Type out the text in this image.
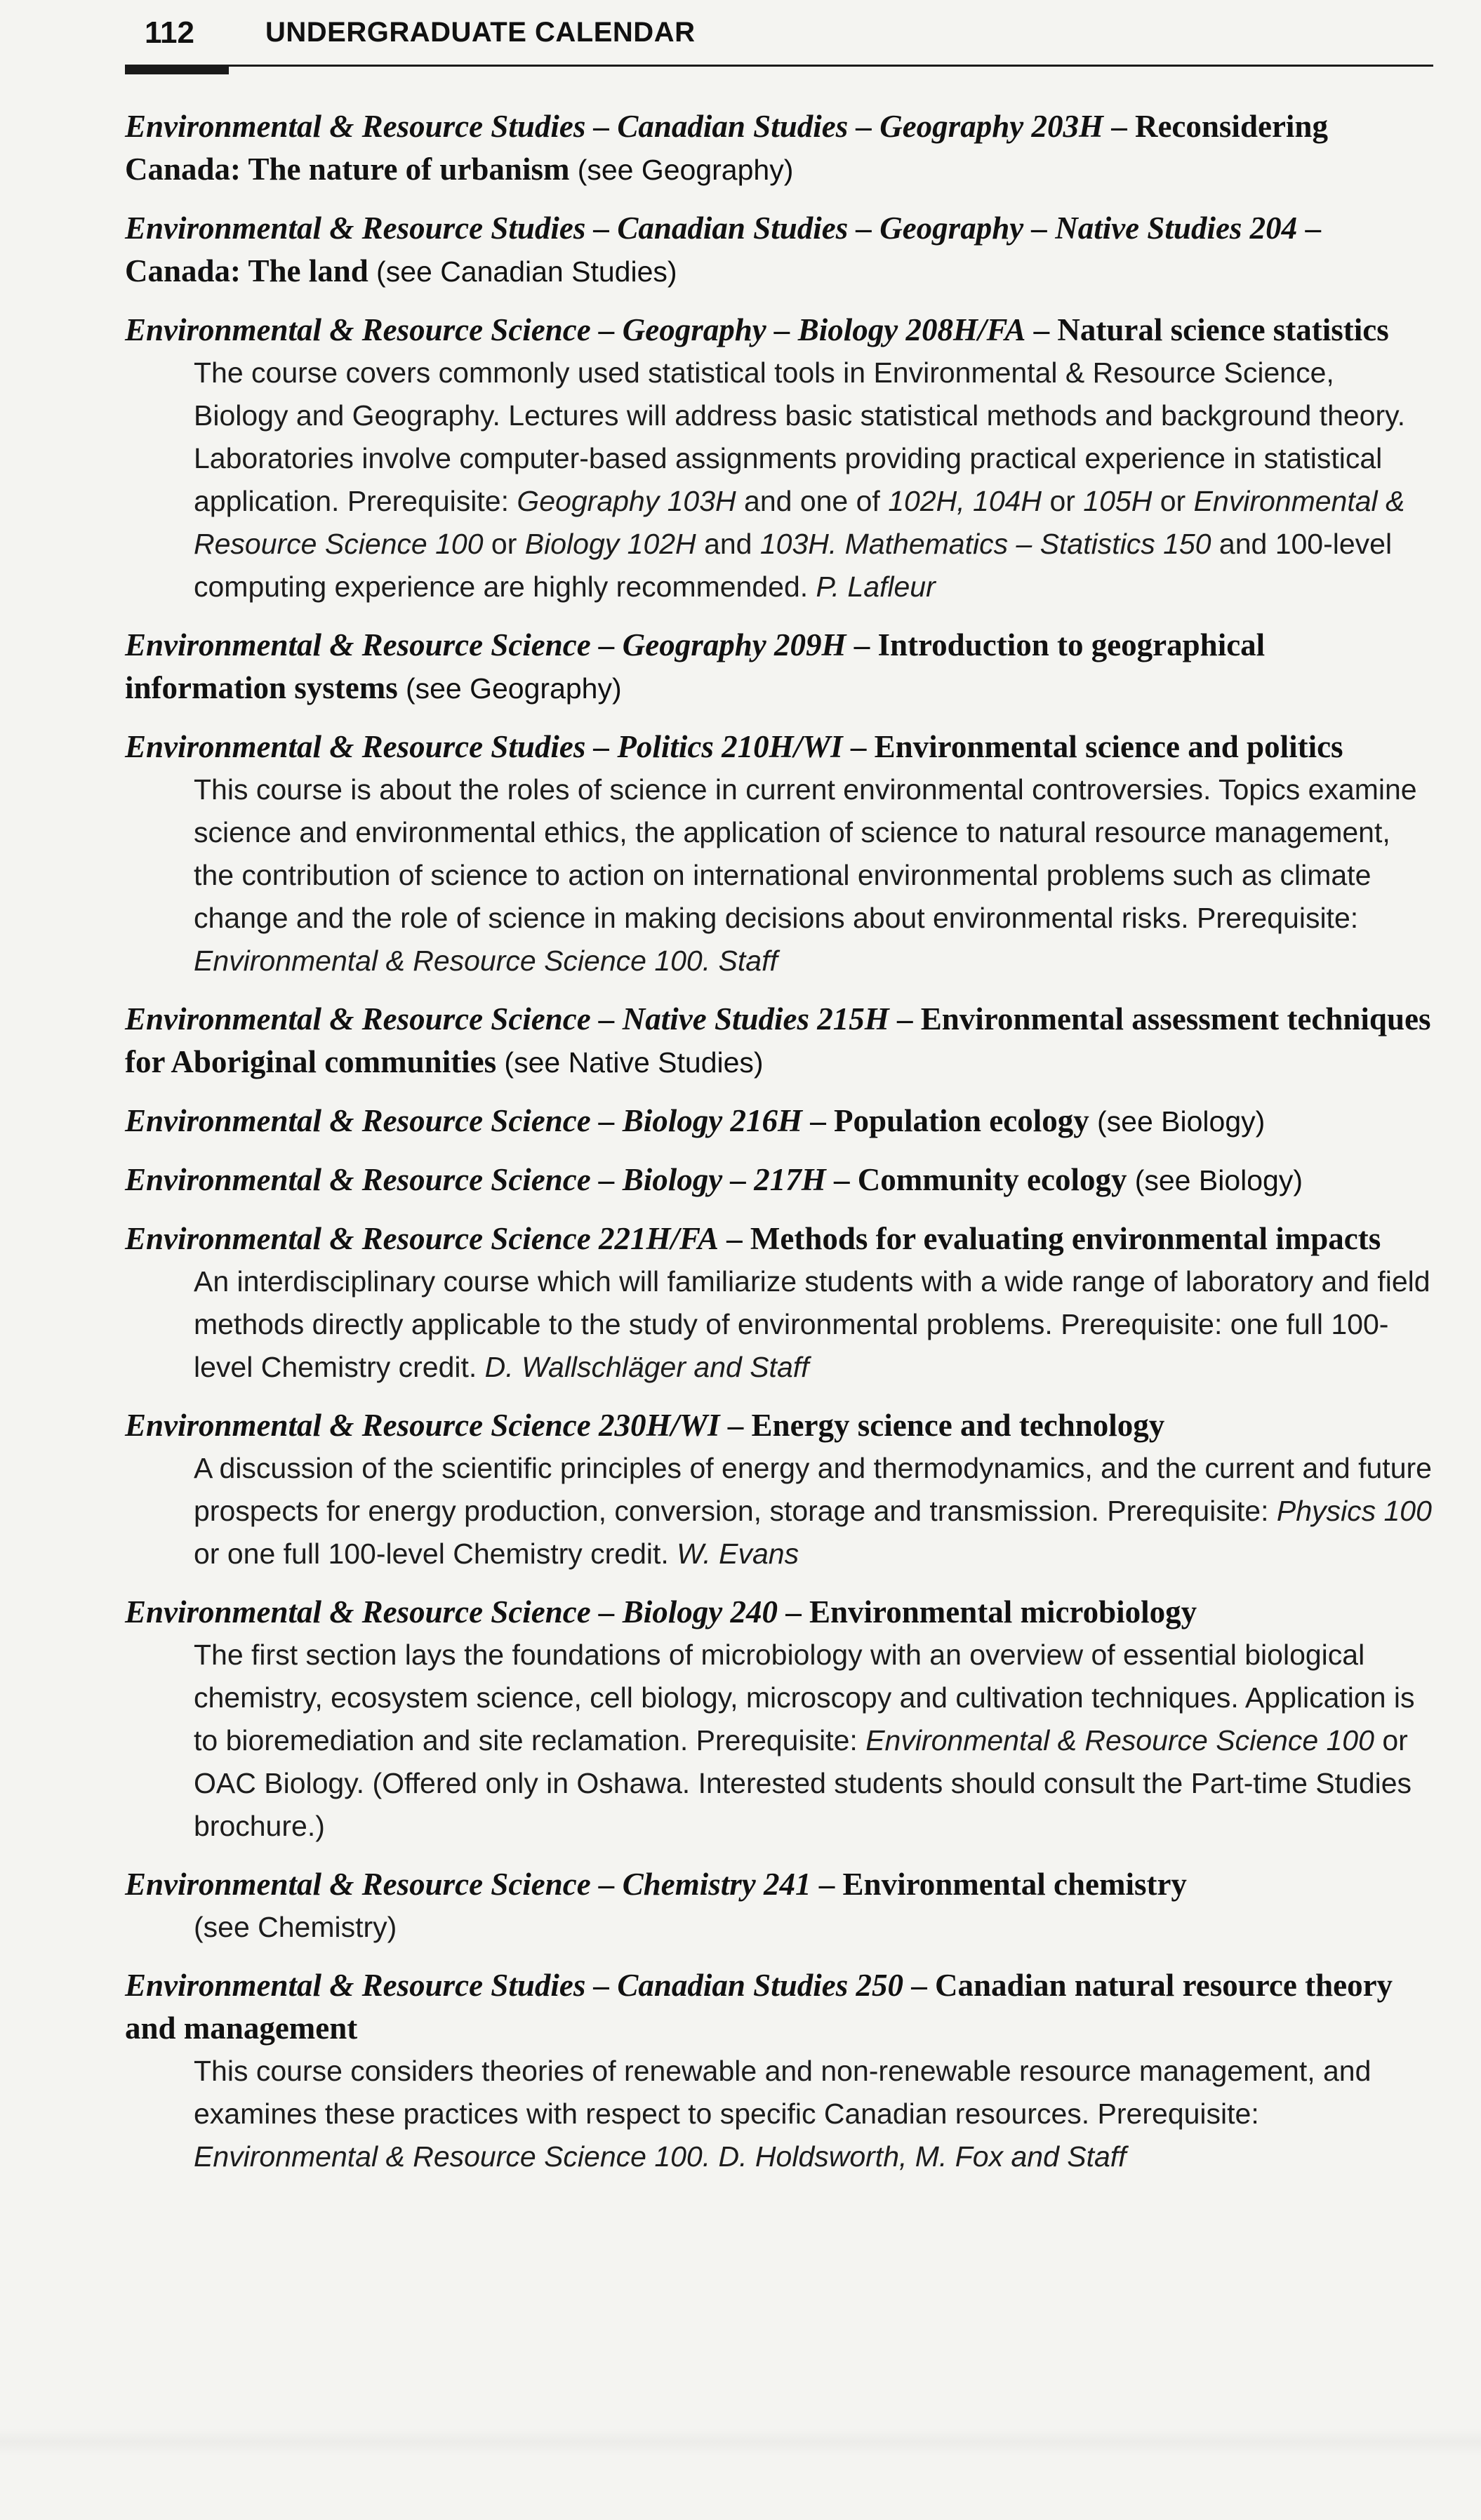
112	UNDERGRADUATE CALENDAR

Environmental & Resource Studies – Canadian Studies – Geography 203H – Reconsidering Canada: The nature of urbanism (see Geography)

Environmental & Resource Studies – Canadian Studies – Geography – Native Studies 204 – Canada: The land (see Canadian Studies)

Environmental & Resource Science – Geography – Biology 208H/FA – Natural science statistics

The course covers commonly used statistical tools in Environmental & Resource Science, Biology and Geography. Lectures will address basic statistical methods and background theory. Laboratories involve computer-based assignments providing practical experience in statistical application. Prerequisite: Geography 103H and one of 102H, 104H or 105H or Environmental & Resource Science 100 or Biology 102H and 103H. Mathematics – Statistics 150 and 100-level computing experience are highly recommended. P. Lafleur

Environmental & Resource Science – Geography 209H – Introduction to geographical information systems (see Geography)

Environmental & Resource Studies – Politics 210H/WI – Environmental science and politics

This course is about the roles of science in current environmental controversies. Topics examine science and environmental ethics, the application of science to natural resource management, the contribution of science to action on international environmental problems such as climate change and the role of science in making decisions about environmental risks. Prerequisite: Environmental & Resource Science 100. Staff

Environmental & Resource Science – Native Studies 215H – Environmental assessment techniques for Aboriginal communities (see Native Studies)

Environmental & Resource Science – Biology 216H – Population ecology (see Biology)

Environmental & Resource Science – Biology – 217H – Community ecology (see Biology)

Environmental & Resource Science 221H/FA – Methods for evaluating environmental impacts

An interdisciplinary course which will familiarize students with a wide range of laboratory and field methods directly applicable to the study of environmental problems. Prerequisite: one full 100-level Chemistry credit. D. Wallschläger and Staff

Environmental & Resource Science 230H/WI – Energy science and technology

A discussion of the scientific principles of energy and thermodynamics, and the current and future prospects for energy production, conversion, storage and transmission. Prerequisite: Physics 100 or one full 100-level Chemistry credit. W. Evans

Environmental & Resource Science – Biology 240 – Environmental microbiology

The first section lays the foundations of microbiology with an overview of essential biological chemistry, ecosystem science, cell biology, microscopy and cultivation techniques. Application is to bioremediation and site reclamation. Prerequisite: Environmental & Resource Science 100 or OAC Biology. (Offered only in Oshawa. Interested students should consult the Part-time Studies brochure.)

Environmental & Resource Science – Chemistry 241 – Environmental chemistry

(see Chemistry)

Environmental & Resource Studies – Canadian Studies 250 – Canadian natural resource theory and management

This course considers theories of renewable and non-renewable resource management, and examines these practices with respect to specific Canadian resources. Prerequisite: Environmental & Resource Science 100. D. Holdsworth, M. Fox and Staff
